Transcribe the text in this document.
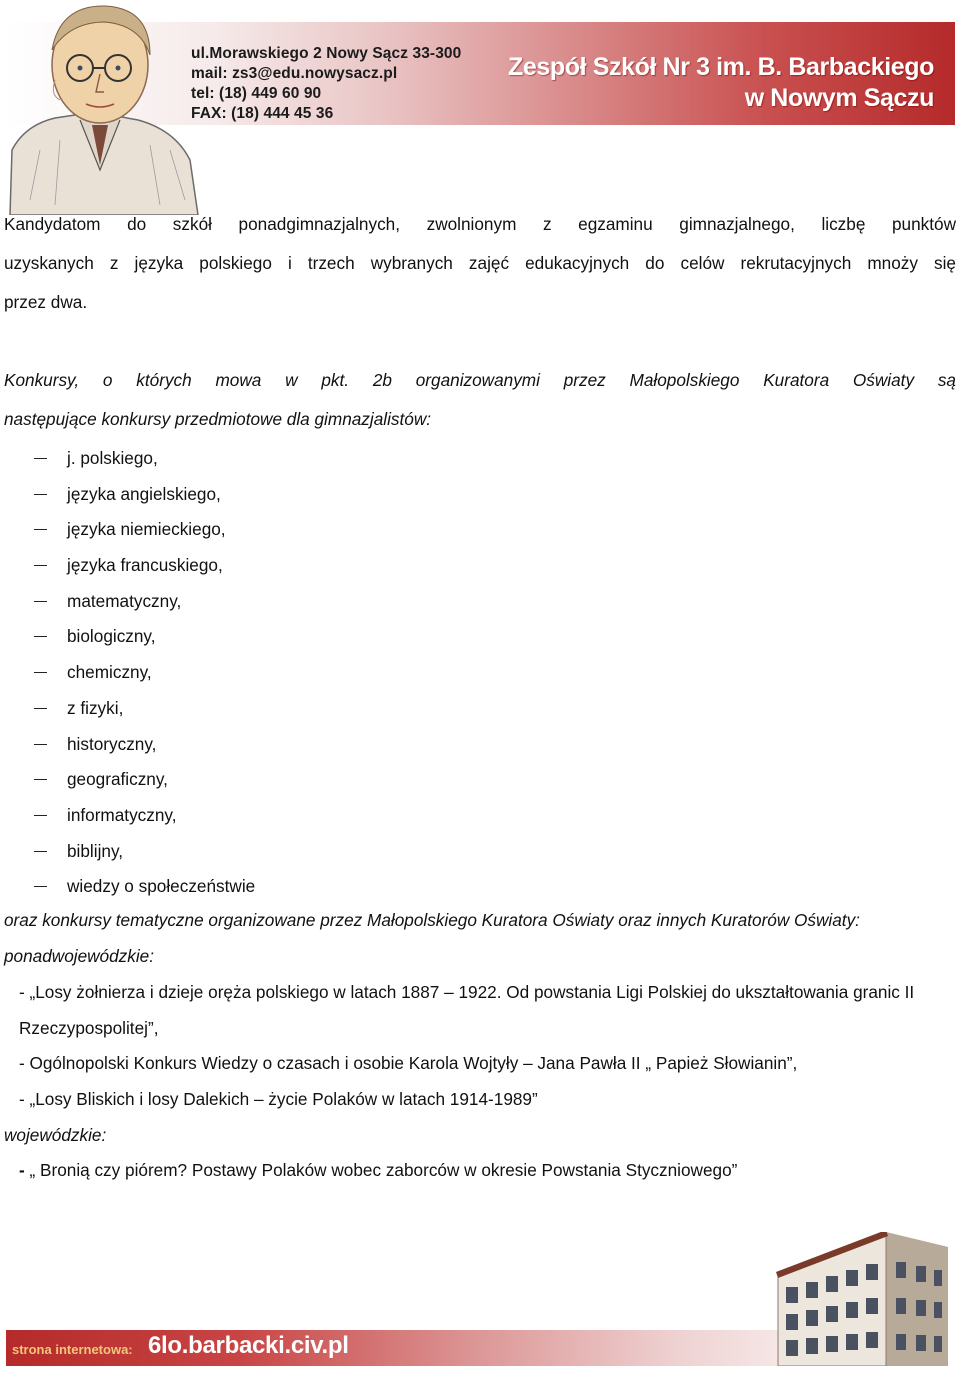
ul.Morawskiego 2 Nowy Sącz 33-300
mail: zs3@edu.nowysacz.pl
tel: (18) 449 60 90
FAX: (18) 444 45 36
Zespół Szkół Nr 3 im. B. Barbackiego
w Nowym Sączu
Kandydatom do szkół ponadgimnazjalnych, zwolnionym z egzaminu gimnazjalnego, liczbę punktów
uzyskanych z języka polskiego i trzech wybranych zajęć edukacyjnych do celów rekrutacyjnych mnoży się
przez dwa.
Konkursy, o których mowa w pkt. 2b organizowanymi przez Małopolskiego Kuratora Oświaty są
następujące konkursy przedmiotowe dla gimnazjalistów:
j. polskiego,
języka angielskiego,
języka niemieckiego,
języka francuskiego,
matematyczny,
biologiczny,
chemiczny,
z fizyki,
historyczny,
geograficzny,
informatyczny,
biblijny,
wiedzy o społeczeństwie
oraz konkursy tematyczne organizowane przez Małopolskiego Kuratora Oświaty oraz innych Kuratorów Oświaty:
ponadwojewódzkie:
- „Losy żołnierza i dzieje oręża polskiego w latach 1887 – 1922. Od powstania Ligi Polskiej do ukształtowania granic II
Rzeczypospolitej”,
- Ogólnopolski Konkurs Wiedzy o czasach i osobie Karola Wojtyły – Jana Pawła II „ Papież Słowianin”,
- „Losy Bliskich i losy Dalekich – życie Polaków w latach 1914-1989”
wojewódzkie:
- „ Bronią czy piórem? Postawy Polaków wobec zaborców w okresie Powstania Styczniowego”
strona internetowa: 6lo.barbacki.civ.pl
